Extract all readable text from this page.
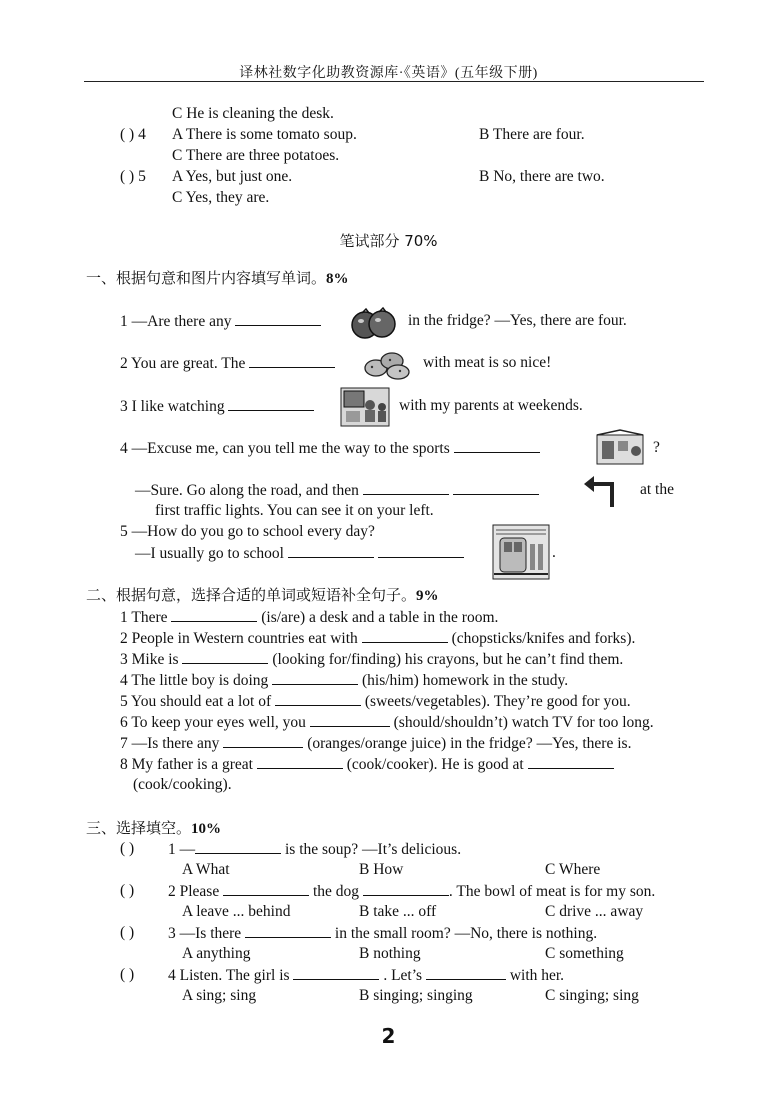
译林社数字化助教资源库·《英语》(五年级下册)
C He is cleaning the desk.
( ) 4 A There is some tomato soup.	B There are four.
C There are three potatoes.
( ) 5 A Yes, but just one.	B No, there are two.
C Yes, they are.
笔试部分 70%
一、根据句意和图片内容填写单词。8%
1 —Are there any	in the fridge? —Yes, there are four.
2 You are great. The	with meat is so nice!
3 I like watching	with my parents at weekends.
4 —Excuse me, can you tell me the way to the sports	?
—Sure. Go along the road, and then	at the
first traffic lights. You can see it on your left.
5 —How do you go to school every day?
—I usually go to school	.
二、根据句意，选择合适的单词或短语补全句子。9%
1 There	(is/are) a desk and a table in the room.
2 People in Western countries eat with	(chopsticks/knifes and forks).
3 Mike is	(looking for/finding) his crayons, but he can’t find them.
4 The little boy is doing	(his/him) homework in the study.
5 You should eat a lot of	(sweets/vegetables). They’re good for you.
6 To keep your eyes well, you	(should/shouldn’t) watch TV for too long.
7 —Is there any	(oranges/orange juice) in the fridge? —Yes, there is.
8 My father is a great	(cook/cooker). He is good at
(cook/cooking).
三、选择填空。10%
( ) 1 —	is the soup? —It’s delicious.
A What	B How	C Where
( ) 2 Please	the dog	. The bowl of meat is for my son.
A leave ... behind	B take ... off	C drive ... away
( ) 3 —Is there	in the small room? —No, there is nothing.
A anything	B nothing	C something
( ) 4 Listen. The girl is	. Let’s	with her.
A sing; sing	B singing; singing	C singing; sing
2
